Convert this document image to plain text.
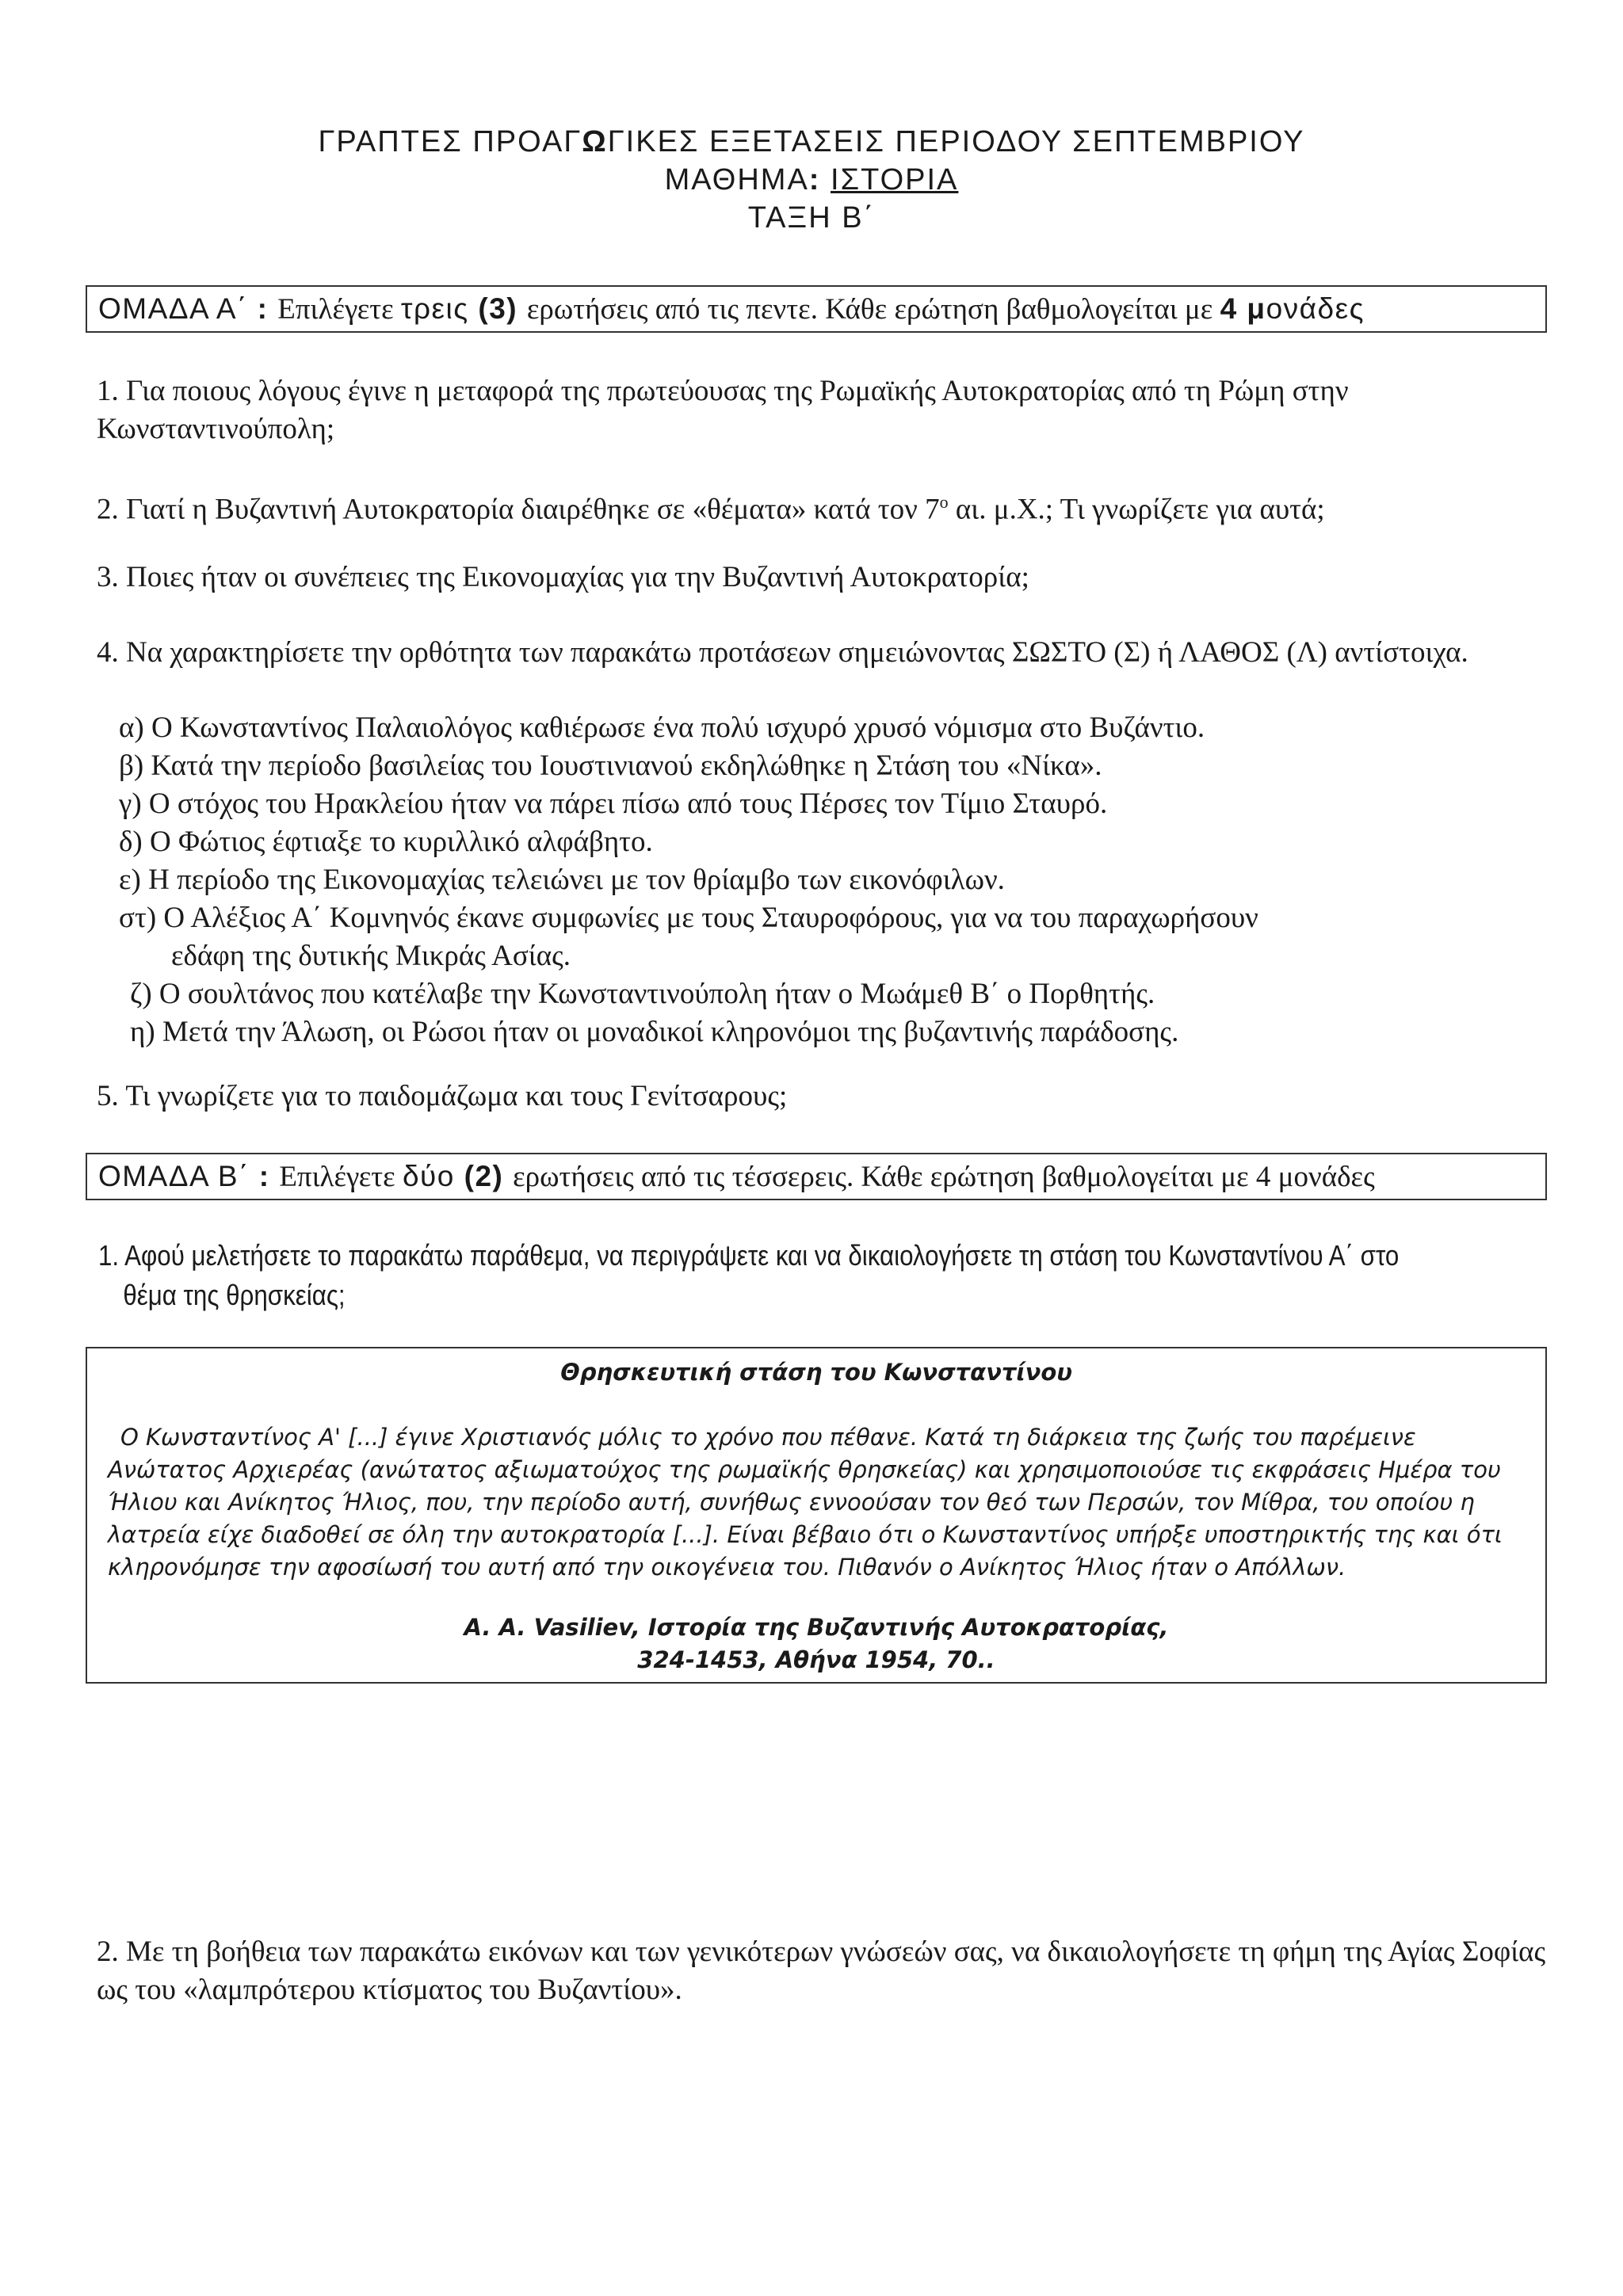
ΓΡΑΠΤΕΣ ΠΡΟΑΓΩΓΙΚΕΣ ΕΞΕΤΑΣΕΙΣ ΠΕΡΙΟΔΟΥ ΣΕΠΤΕΜΒΡΙΟΥ
ΜΑΘΗΜΑ: ΙΣΤΟΡΙΑ
ΤΑΞΗ Β΄
ΟΜΑΔΑ Α΄ : Επιλέγετε τρεις (3) ερωτήσεις από τις πεντε. Κάθε ερώτηση βαθμολογείται με 4 μονάδες
1. Για ποιους λόγους έγινε η μεταφορά της πρωτεύουσας της Ρωμαϊκής Αυτοκρατορίας από τη Ρώμη στην Κωνσταντινούπολη;
2. Γιατί η Βυζαντινή Αυτοκρατορία διαιρέθηκε σε «θέματα» κατά τον $7^o$ αι. μ.Χ.; Τι γνωρίζετε για αυτά;
3. Ποιες ήταν οι συνέπειες της Εικονομαχίας για την Βυζαντινή Αυτοκρατορία;
4. Να χαρακτηρίσετε την ορθότητα των παρακάτω προτάσεων σημειώνοντας ΣΩΣΤΟ (Σ) ή ΛΑΘΟΣ (Λ) αντίστοιχα.
α) Ο Κωνσταντίνος Παλαιολόγος καθιέρωσε ένα πολύ ισχυρό χρυσό νόμισμα στο Βυζάντιο.
β) Κατά την περίοδο βασιλείας του Ιουστινιανού εκδηλώθηκε η Στάση του «Νίκα».
γ) Ο στόχος του Ηρακλείου ήταν να πάρει πίσω από τους Πέρσες τον Τίμιο Σταυρό.
δ) Ο Φώτιος έφτιαξε το κυριλλικό αλφάβητο.
ε) Η περίοδο της Εικονομαχίας τελειώνει με τον θρίαμβο των εικονόφιλων.
στ) Ο Αλέξιος Α΄ Κομνηνός έκανε συμφωνίες με τους Σταυροφόρους, για να του παραχωρήσουν
εδάφη της δυτικής Μικράς Ασίας.
ζ) Ο σουλτάνος που κατέλαβε την Κωνσταντινούπολη ήταν ο Μωάμεθ Β΄ ο Πορθητής.
η) Μετά την Άλωση, οι Ρώσοι ήταν οι μοναδικοί κληρονόμοι της βυζαντινής παράδοσης.
5. Τι γνωρίζετε για το παιδομάζωμα και τους Γενίτσαρους;
ΟΜΑΔΑ Β΄ : Επιλέγετε δύο (2) ερωτήσεις από τις τέσσερεις. Κάθε ερώτηση βαθμολογείται με 4 μονάδες
1. Αφού μελετήσετε το παρακάτω παράθεμα, να περιγράψετε και να δικαιολογήσετε τη στάση του Κωνσταντίνου Α΄ στο
θέμα της θρησκείας;
Θρησκευτική στάση του Κωνσταντίνου
Ο Κωνσταντίνος Α' [...] έγινε Χριστιανός μόλις το χρόνο που πέθανε. Κατά τη διάρκεια της ζωής του παρέμεινε
Ανώτατος Αρχιερέας (ανώτατος αξιωματούχος της ρωμαϊκής θρησκείας) και χρησιμοποιούσε τις εκφράσεις Ημέρα του
Ήλιου και Ανίκητος Ήλιος, που, την περίοδο αυτή, συνήθως εννοούσαν τον θεό των Περσών, τον Μίθρα, του οποίου η
λατρεία είχε διαδοθεί σε όλη την αυτοκρατορία [...]. Είναι βέβαιο ότι ο Κωνσταντίνος υπήρξε υποστηρικτής της και ότι
κληρονόμησε την αφοσίωσή του αυτή από την οικογένεια του. Πιθανόν ο Ανίκητος Ήλιος ήταν ο Απόλλων.
A. A. Vasiliev, Ιστορία της Βυζαντινής Αυτοκρατορίας,
324-1453, Αθήνα 1954, 70..
2. Με τη βοήθεια των παρακάτω εικόνων και των γενικότερων γνώσεών σας, να δικαιολογήσετε τη φήμη της Αγίας Σοφίας ως του «λαμπρότερου κτίσματος του Βυζαντίου».
